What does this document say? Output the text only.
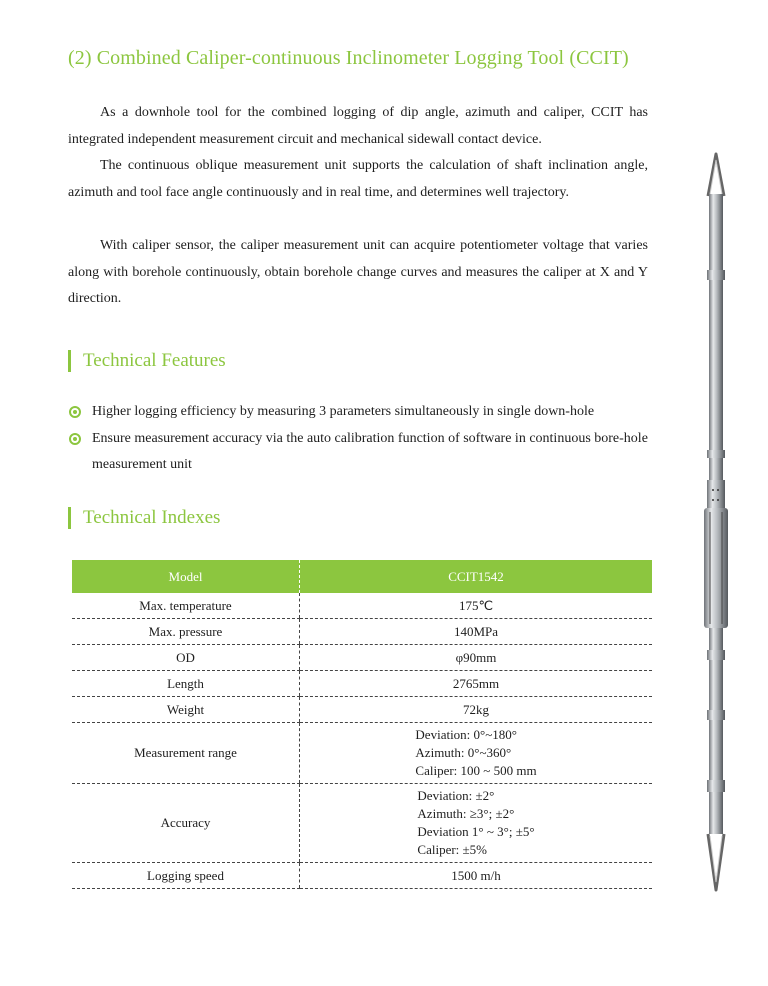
(2) Combined Caliper-continuous Inclinometer Logging Tool (CCIT)

As a downhole tool for the combined logging of dip angle, azimuth and caliper, CCIT has integrated independent measurement circuit and mechanical sidewall contact device.

The continuous oblique measurement unit supports the calculation of shaft inclination angle, azimuth and tool face angle continuously and in real time, and determines well trajectory.

With caliper sensor, the caliper measurement unit can acquire potentiometer voltage that varies along with borehole continuously, obtain borehole change curves and measures the caliper at X and Y direction.

Technical Features
Higher logging efficiency by measuring 3 parameters simultaneously in single down-hole
Ensure measurement accuracy via the auto calibration function of software in continuous bore-hole measurement unit
Technical Indexes
Model	CCIT1542
Max. temperature	175℃
Max. pressure	140MPa
OD	φ90mm
Length	2765mm
Weight	72kg
Measurement range	Deviation: 0°~180°
Azimuth: 0°~360°
Caliper: 100 ~ 500 mm

Accuracy	Deviation: ±2°
Azimuth: ≥3°; ±2°
Deviation 1° ~ 3°; ±5°
Caliper: ±5%

Logging speed	1500 m/h
